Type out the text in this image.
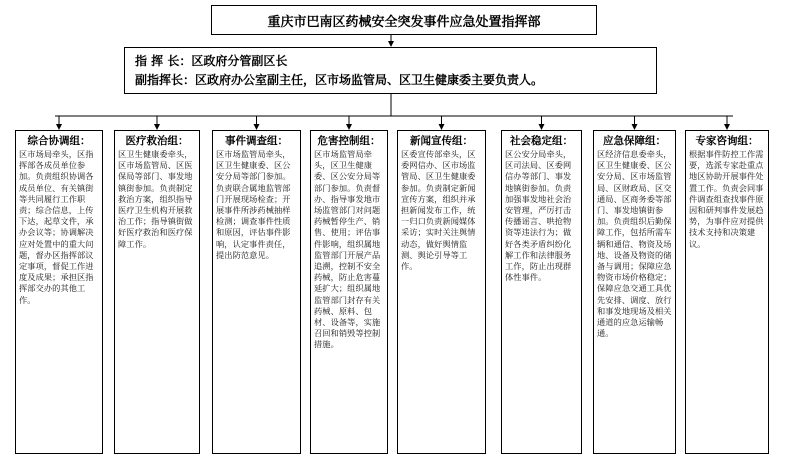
重庆市巴南区药械安全突发事件应急处置指挥部
指 挥 长：区政府分管副区长
副指挥长：区政府办公室副主任，区市场监管局、区卫生健康委主要负责人。
综合协调组：
区市场局牵头，区指挥部各成员单位参加。负责组织协调各成员单位、有关镇街等共同履行工作职责；综合信息，上传下达，起草文件，承办会议等；协调解决应对处置中的重大问题，督办区指挥部议定事项，督促工作进度及成果；承担区指挥部交办的其他工作。
医疗救治组：
区卫生健康委牵头，区市场监管局、区医保局等部门、事发地镇街参加。负责制定救治方案，组织指导医疗卫生机构开展救治工作；指导镇街做好医疗救治和医疗保障工作。
事件调查组：
区市场监管局牵头，区卫生健康委、区公安分局等部门参加。负责联合属地监管部门开展现场检查；开展事件所涉药械抽样检测；调查事件性质和原因，评估事件影响，认定事件责任，提出防范意见。
危害控制组：
区市场监管局牵头，区卫生健康委、区公安分局等部门参加。负责督办、指导事发地市场监管部门对问题药械暂停生产、销售、使用；评估事件影响，组织属地监管部门开展产品追溯，控制不安全药械，防止危害蔓延扩大；组织属地监管部门封存有关药械、原料、包材、设备等，实施召回和销毁等控制措施。
新闻宣传组：
区委宣传部牵头，区委网信办、区市场监管局、区卫生健康委参加。负责制定新闻宣传方案，组织并承担新闻发布工作，统一归口负责新闻媒体采访；实时关注舆情动态，做好舆情监测、舆论引导等工作。
社会稳定组：
区公安分局牵头，区司法局、区委网信办等部门、事发地镇街参加。负责加强事发地社会治安管理，严厉打击传播谣言、哄抢物资等违法行为；做好各类矛盾纠纷化解工作和法律服务工作，防止出现群体性事件。
应急保障组：
区经济信息委牵头，区卫生健康委、区公安分局、区市场监管局、区财政局、区交通局、区商务委等部门、事发地镇街参加。负责组织后勤保障工作，包括所需车辆和通信、物资及场地、设备及物资的储备与调用；保障应急物资市场价格稳定；保障应急交通工具优先安排、调度、放行和事发地现场及相关通道的应急运输畅通。
专家咨询组：
根据事件防控工作需要，选派专家赴重点地区协助开展事件处置工作。负责会同事件调查组查找事件原因和研判事件发展趋势，为事件应对提供技术支持和决策建议。
